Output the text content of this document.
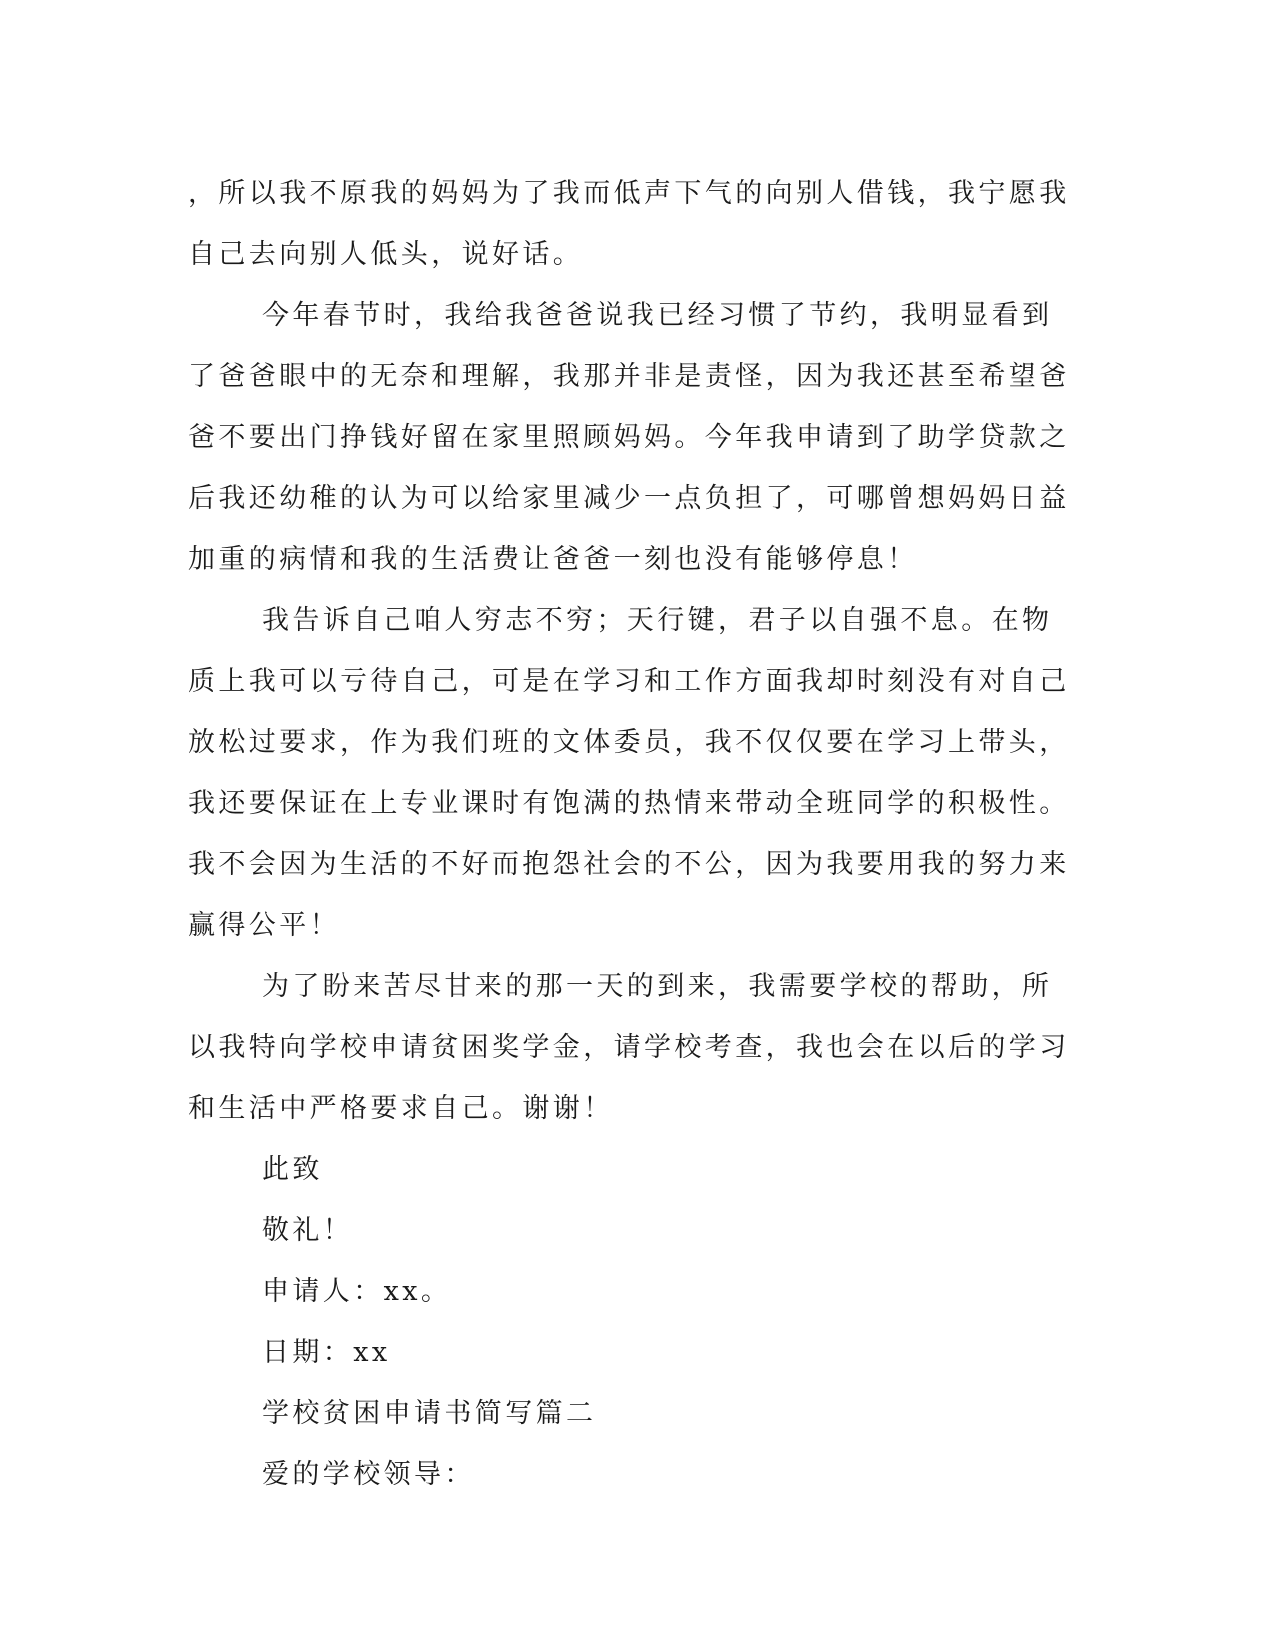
，所以我不原我的妈妈为了我而低声下气的向别人借钱，我宁愿我自己去向别人低头，说好话。

今年春节时，我给我爸爸说我已经习惯了节约，我明显看到了爸爸眼中的无奈和理解，我那并非是责怪，因为我还甚至希望爸爸不要出门挣钱好留在家里照顾妈妈。今年我申请到了助学贷款之后我还幼稚的认为可以给家里减少一点负担了，可哪曾想妈妈日益加重的病情和我的生活费让爸爸一刻也没有能够停息！

我告诉自己咱人穷志不穷；天行键，君子以自强不息。在物质上我可以亏待自己，可是在学习和工作方面我却时刻没有对自己放松过要求，作为我们班的文体委员，我不仅仅要在学习上带头，我还要保证在上专业课时有饱满的热情来带动全班同学的积极性。我不会因为生活的不好而抱怨社会的不公，因为我要用我的努力来赢得公平！

为了盼来苦尽甘来的那一天的到来，我需要学校的帮助，所以我特向学校申请贫困奖学金，请学校考查，我也会在以后的学习和生活中严格要求自己。谢谢！

此致

敬礼！

申请人：xx。

日期：xx

学校贫困申请书简写篇二

爱的学校领导：
